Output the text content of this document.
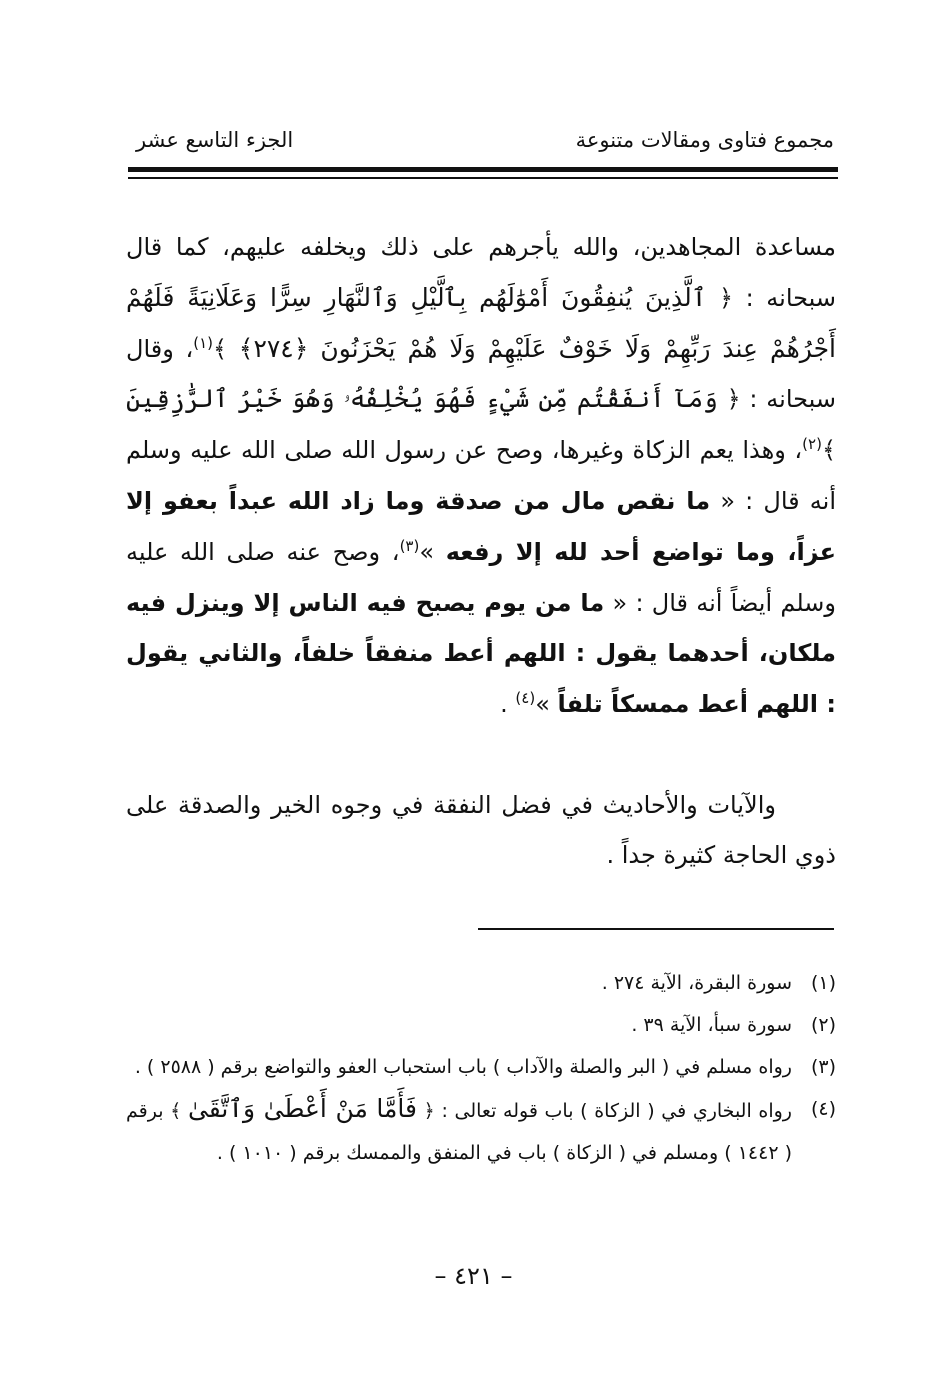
مجموع فتاوى ومقالات متنوعة
الجزء التاسع عشر

مساعدة المجاهدين، والله يأجرهم على ذلك ويخلفه عليهم، كما قال سبحانه : ﴿ ٱلَّذِينَ يُنفِقُونَ أَمْوَٰلَهُم بِٱلَّيْلِ وَٱلنَّهَارِ سِرًّا وَعَلَانِيَةً فَلَهُمْ أَجْرُهُمْ عِندَ رَبِّهِمْ وَلَا خَوْفٌ عَلَيْهِمْ وَلَا هُمْ يَحْزَنُونَ ﴿٢٧٤﴾ ﴾$^{(١)}$، وقال سبحانه : ﴿ وَمَآ أَنفَقْتُم مِّن شَيْءٍ فَهُوَ يُخْلِفُهُۥ وَهُوَ خَيْرُ ٱلرَّٰزِقِينَ ﴾$^{(٢)}$، وهذا يعم الزكاة وغيرها، وصح عن رسول الله صلى الله عليه وسلم أنه قال : « ما نقص مال من صدقة وما زاد الله عبداً بعفو إلا عزاً، وما تواضع أحد لله إلا رفعه »$^{(٣)}$، وصح عنه صلى الله عليه وسلم أيضاً أنه قال : « ما من يوم يصبح فيه الناس إلا وينزل فيه ملكان، أحدهما يقول : اللهم أعط منفقاً خلفاً، والثاني يقول : اللهم أعط ممسكاً تلفاً »$^{(٤)}$ .

والآيات والأحاديث في فضل النفقة في وجوه الخير والصدقة على ذوي الحاجة كثيرة جداً .

(١)
سورة البقرة، الآية ٢٧٤ .
(٢)
سورة سبأ، الآية ٣٩ .
(٣)
رواه مسلم في ( البر والصلة والآداب ) باب استحباب العفو والتواضع برقم ( ٢٥٨٨ ) .
(٤)
رواه البخاري في ( الزكاة ) باب قوله تعالى : ﴿ فَأَمَّا مَنْ أَعْطَىٰ وَٱتَّقَىٰ ﴾ برقم ( ١٤٤٢ ) ومسلم في ( الزكاة ) باب في المنفق والممسك برقم ( ١٠١٠ ) .
– ٤٢١ –
